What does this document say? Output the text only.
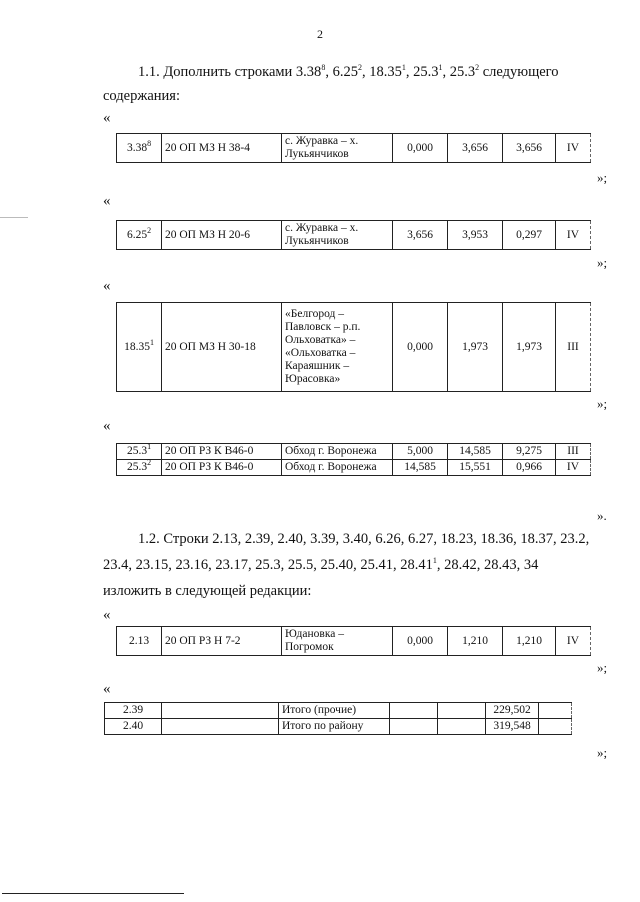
2
1.1. Дополнить строками 3.38$^8$, 6.25$^2$, 18.35$^1$, 25.3$^1$, 25.3$^2$ следующего
содержания:
«
3.38$^8$	20 ОП МЗ Н 38-4	с. Журавка – х. Лукьянчиков	0,000	3,656	3,656	IV
»;
«
6.25$^2$	20 ОП МЗ Н 20-6	с. Журавка – х. Лукьянчиков	3,656	3,953	0,297	IV
»;
«
18.35$^1$	20 ОП МЗ Н 30-18	«Белгород –
Павловск – р.п.
Ольховатка» –
«Ольховатка –
Караяшник –
Юрасовка»	0,000	1,973	1,973	III
»;
«
25.3$^1$	20 ОП РЗ К В46-0	Обход г. Воронежа	5,000	14,585	9,275	III
25.3$^2$	20 ОП РЗ К В46-0	Обход г. Воронежа	14,585	15,551	0,966	IV
».
1.2. Строки 2.13, 2.39, 2.40, 3.39, 3.40, 6.26, 6.27, 18.23, 18.36, 18.37, 23.2,
23.4, 23.15, 23.16, 23.17, 25.3, 25.5, 25.40, 25.41, 28.41$^1$, 28.42, 28.43, 34
изложить в следующей редакции:
«
2.13	20 ОП РЗ Н 7-2	Юдановка – Погромок	0,000	1,210	1,210	IV
»;
«
2.39		Итого (прочие)			229,502	
2.40		Итого по району			319,548	
»;
